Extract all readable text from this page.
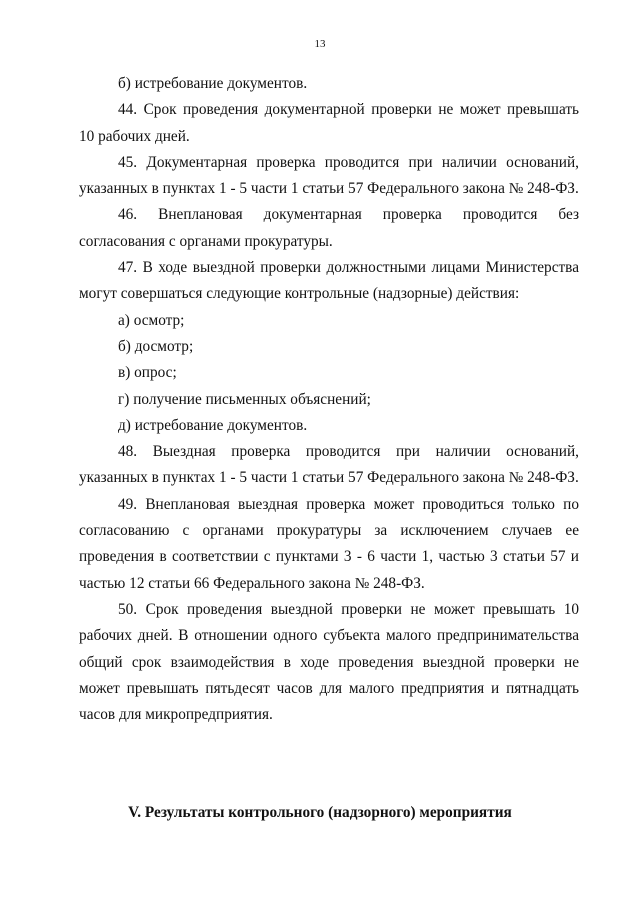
13

б) истребование документов.

44. Срок проведения документарной проверки не может превышать 10 рабочих дней.

45. Документарная проверка проводится при наличии оснований, указанных в пунктах 1 - 5 части 1 статьи 57 Федерального закона № 248-ФЗ.

46. Внеплановая документарная проверка проводится без согласования с органами прокуратуры.

47. В ходе выездной проверки должностными лицами Министерства могут совершаться следующие контрольные (надзорные) действия:

а) осмотр;

б) досмотр;

в) опрос;

г) получение письменных объяснений;

д) истребование документов.

48. Выездная проверка проводится при наличии оснований, указанных в пунктах 1 - 5 части 1 статьи 57 Федерального закона № 248-ФЗ.

49. Внеплановая выездная проверка может проводиться только по согласованию с органами прокуратуры за исключением случаев ее проведения в соответствии с пунктами 3 - 6 части 1, частью 3 статьи 57 и частью 12 статьи 66 Федерального закона № 248-ФЗ.

50. Срок проведения выездной проверки не может превышать 10 рабочих дней. В отношении одного субъекта малого предпринимательства общий срок взаимодействия в ходе проведения выездной проверки не может превышать пятьдесят часов для малого предприятия и пятнадцать часов для микропредприятия.

V. Результаты контрольного (надзорного) мероприятия
